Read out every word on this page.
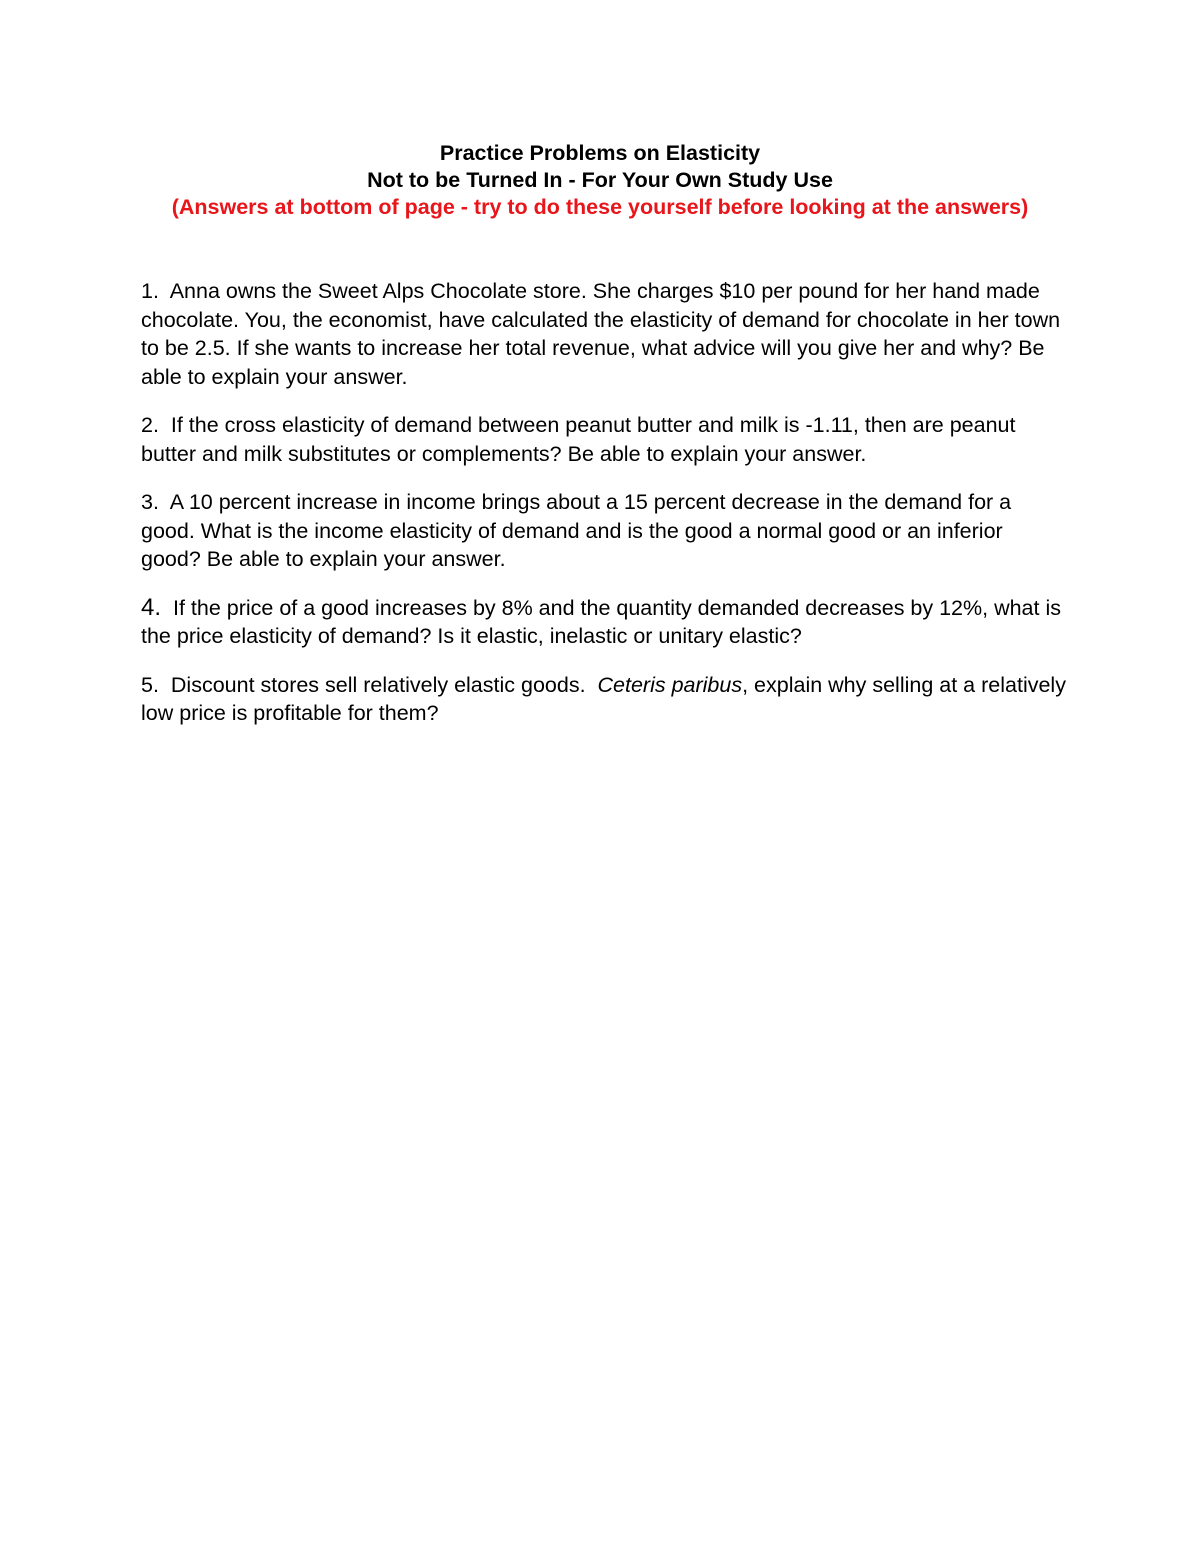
Practice Problems on Elasticity
Not to be Turned In - For Your Own Study Use
(Answers at bottom of page - try to do these yourself before looking at the answers)

1. Anna owns the Sweet Alps Chocolate store. She charges $10 per pound for her hand made chocolate. You, the economist, have calculated the elasticity of demand for chocolate in her town to be 2.5. If she wants to increase her total revenue, what advice will you give her and why? Be able to explain your answer.

2. If the cross elasticity of demand between peanut butter and milk is -1.11, then are peanut butter and milk substitutes or complements? Be able to explain your answer.

3. A 10 percent increase in income brings about a 15 percent decrease in the demand for a good. What is the income elasticity of demand and is the good a normal good or an inferior good? Be able to explain your answer.

4. If the price of a good increases by 8% and the quantity demanded decreases by 12%, what is the price elasticity of demand? Is it elastic, inelastic or unitary elastic?

5. Discount stores sell relatively elastic goods. Ceteris paribus, explain why selling at a relatively low price is profitable for them?
